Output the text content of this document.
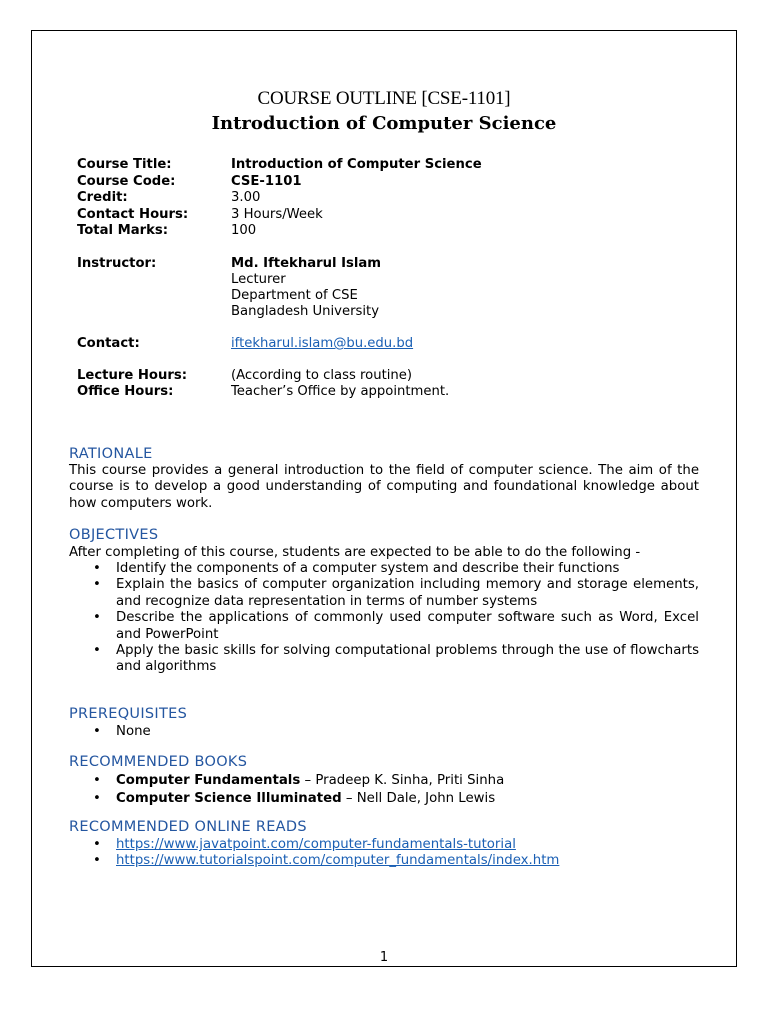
COURSE OUTLINE [CSE-1101]
Introduction of Computer Science
Course Title:	Introduction of Computer Science
Course Code:	CSE-1101
Credit:	3.00
Contact Hours:	3 Hours/Week
Total Marks:	100
Instructor:	Md. Iftekharul Islam
Lecturer
Department of CSE
Bangladesh University
Contact:	iftekharul.islam@bu.edu.bd
Lecture Hours:	(According to class routine)
Office Hours:	Teacher’s Office by appointment.
RATIONALE
This course provides a general introduction to the field of computer science. The aim of the course is to develop a good understanding of computing and foundational knowledge about how computers work.
OBJECTIVES
After completing of this course, students are expected to be able to do the following -
• Identify the components of a computer system and describe their functions
• Explain the basics of computer organization including memory and storage elements, and recognize data representation in terms of number systems
• Describe the applications of commonly used computer software such as Word, Excel and PowerPoint
• Apply the basic skills for solving computational problems through the use of flowcharts and algorithms
PREREQUISITES
• None
RECOMMENDED BOOKS
• Computer Fundamentals – Pradeep K. Sinha, Priti Sinha
• Computer Science Illuminated – Nell Dale, John Lewis
RECOMMENDED ONLINE READS
• https://www.javatpoint.com/computer-fundamentals-tutorial
• https://www.tutorialspoint.com/computer_fundamentals/index.htm
1
